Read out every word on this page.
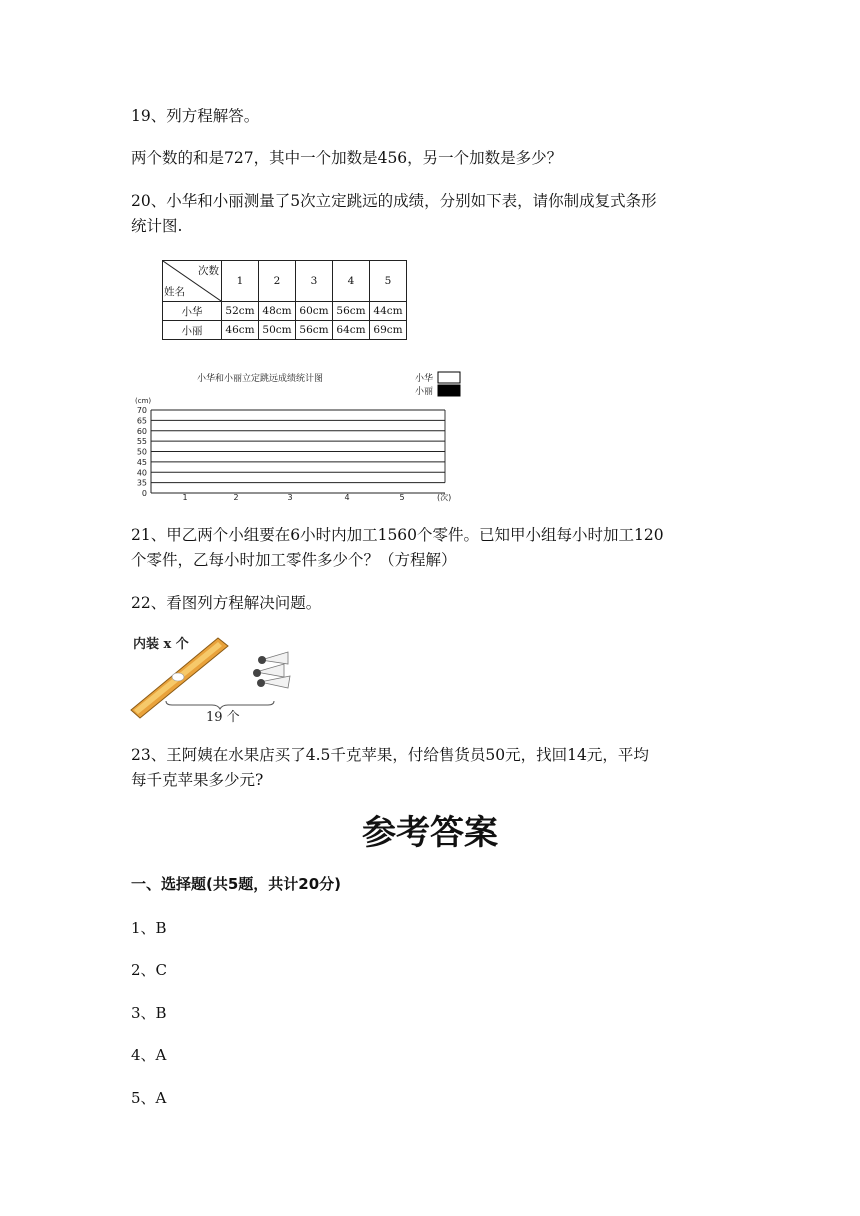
19、列方程解答。
两个数的和是727，其中一个加数是456，另一个加数是多少？
20、小华和小丽测量了5次立定跳远的成绩，分别如下表，请你制成复式条形
统计图.
次数
姓名	1	2	3	4	5
小华	52cm	48cm	60cm	56cm	44cm
小丽	46cm	50cm	56cm	64cm	69cm
小华和小丽立定跳远成绩统计图	小华
小丽
(cm)
70
65
60
55
50
45
40
35
0	1	2	3	4	5	(次)
21、甲乙两个小组要在6小时内加工1560个零件。已知甲小组每小时加工120
个零件，乙每小时加工零件多少个？（方程解）
22、看图列方程解决问题。
内装 x 个
19 个
23、王阿姨在水果店买了4.5千克苹果，付给售货员50元，找回14元，平均
每千克苹果多少元?
参考答案
一、选择题(共5题，共计20分)
1、B
2、C
3、B
4、A
5、A
